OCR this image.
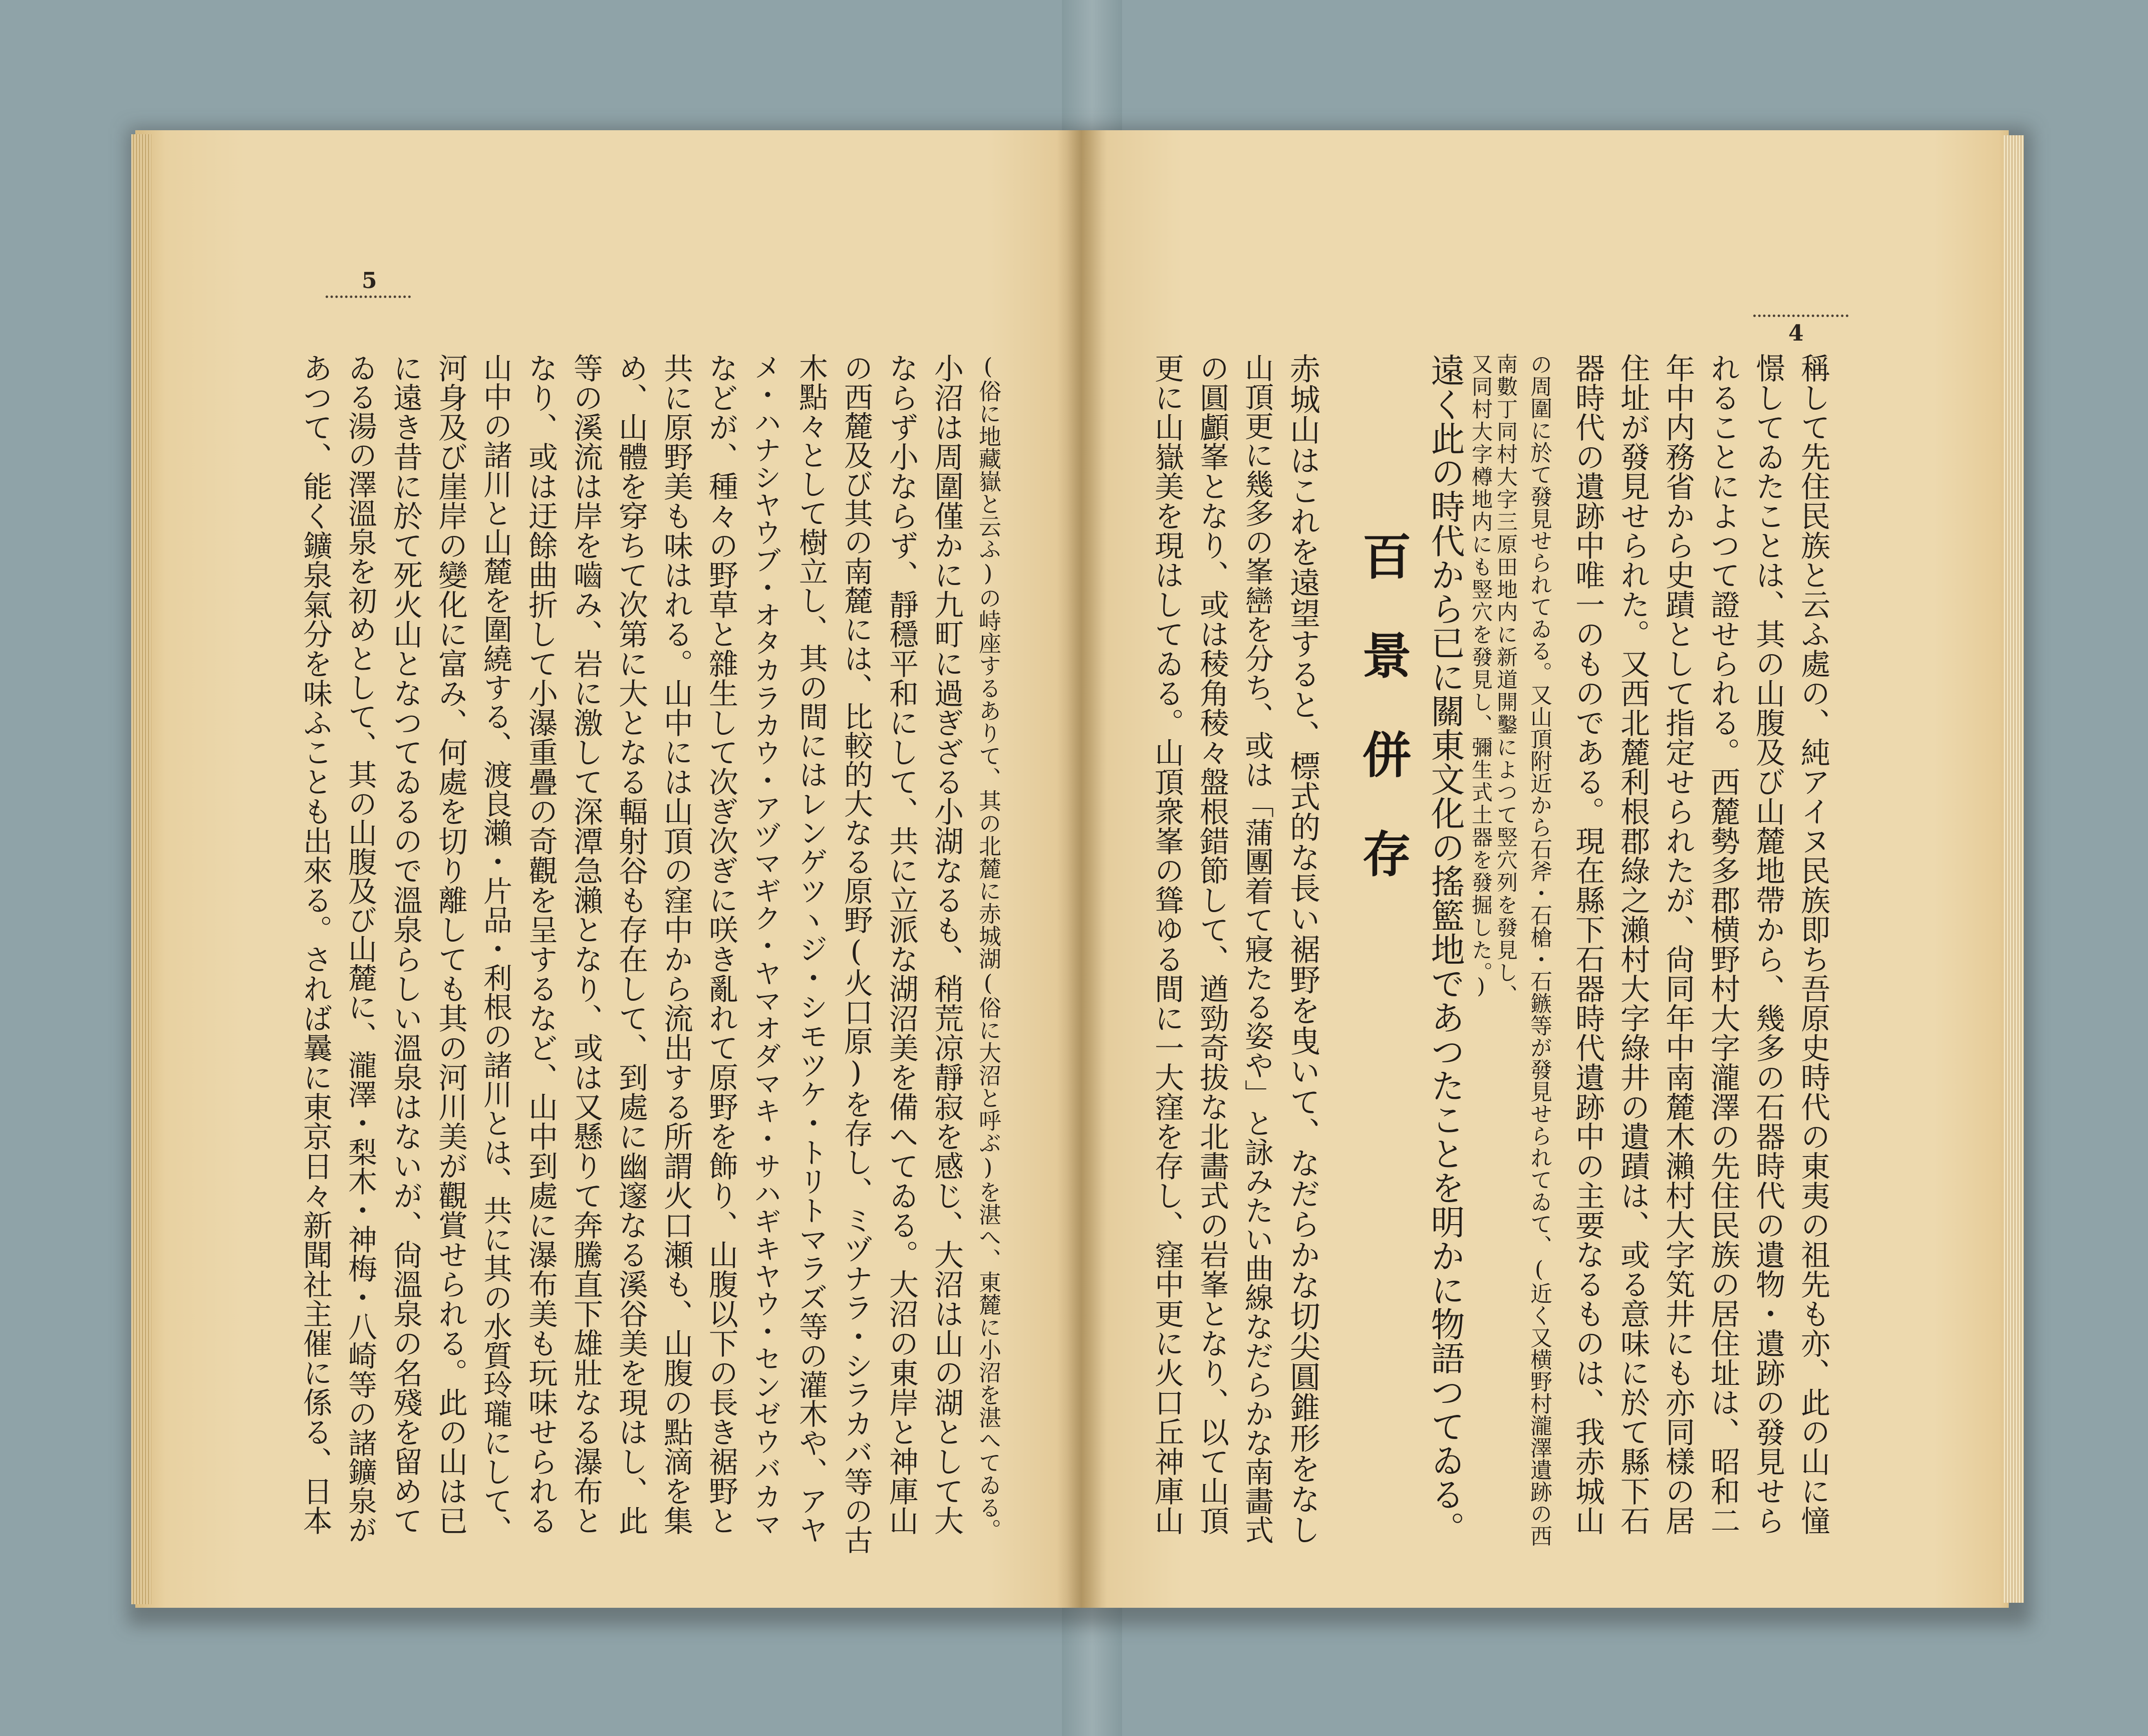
5
(俗に地藏嶽と云ふ)の峙座するありて、其の北麓に赤城湖(俗に大沼と呼ぶ)を湛へ、東麓に小沼を湛へてゐる。
小沼は周圍僅かに九町に過ぎざる小湖なるも、稍荒凉靜寂を感じ、大沼は山の湖として大
ならず小ならず、靜穩平和にして、共に立派な湖沼美を備へてゐる。大沼の東岸と神庫山
の西麓及び其の南麓には、比較的大なる原野(火口原)を存し、ミヅナラ・シラカバ等の古
木點々として樹立し、其の間にはレンゲツヽジ・シモツケ・トリトマラズ等の灌木や、アヤ
メ・ハナシヤウブ・オタカラカウ・アヅマギク・ヤマオダマキ・サハギキヤウ・センゼウバカマ
などが、種々の野草と雜生して次ぎ次ぎに咲き亂れて原野を飾り、山腹以下の長き裾野と
共に原野美も味はれる。山中には山頂の窪中から流出する所謂火口瀬も、山腹の點滴を集
め、山體を穿ちて次第に大となる輻射谷も存在して、到處に幽邃なる溪谷美を現はし、此
等の溪流は岸を嚙み、岩に激して深潭急瀨となり、或は又懸りて奔騰直下雄壯なる瀑布と
なり、或は迂餘曲折して小瀑重疊の奇觀を呈するなど、山中到處に瀑布美も玩味せられる
山中の諸川と山麓を圍繞する、渡良瀨・片品・利根の諸川とは、共に其の水質玲瓏にして、
河身及び崖岸の變化に富み、何處を切り離しても其の河川美が觀賞せられる。此の山は已
に遠き昔に於て死火山となつてゐるので溫泉らしい溫泉はないが、尙溫泉の名殘を留めて
ゐる湯の澤溫泉を初めとして、其の山腹及び山麓に、瀧澤・梨木・神梅・八崎等の諸鑛泉が
あつて、能く鑛泉氣分を味ふことも出來る。されば曩に東京日々新聞社主催に係る、日本
4
稱して先住民族と云ふ處の、純アイヌ民族即ち吾原史時代の東夷の祖先も亦、此の山に憧
憬してゐたことは、其の山腹及び山麓地帶から、幾多の石器時代の遺物・遺跡の發見せら
れることによつて證せられる。西麓勢多郡横野村大字瀧澤の先住民族の居住址は、昭和二
年中内務省から史蹟として指定せられたが、尙同年中南麓木瀨村大字笂井にも亦同樣の居
住址が發見せられた。又西北麓利根郡綠之瀨村大字綠井の遺蹟は、或る意味に於て縣下石
器時代の遺跡中唯一のものである。現在縣下石器時代遺跡中の主要なるものは、我赤城山
の周圍に於て發見せられてゐる。又山頂附近から石斧・石槍・石鏃等が發見せられてゐて、(近く又横野村瀧澤遺跡の西
南數丁同村大字三原田地内に新道開鑿によつて竪穴列を發見し、
又同村大字樽地内にも竪穴を發見し、彌生式土器を發掘した。)
遠く此の時代から已に關東文化の搖籃地であつたことを明かに物語つてゐる。
百景併存
赤城山はこれを遠望すると、標式的な長い裾野を曳いて、なだらかな切尖圓錐形をなし
山頂更に幾多の峯巒を分ち、或は「蒲團着て寢たる姿や」と詠みたい曲線なだらかな南畵式
の圓顱峯となり、或は稜角稜々盤根錯節して、遒勁奇拔な北畵式の岩峯となり、以て山頂
更に山嶽美を現はしてゐる。山頂衆峯の聳ゆる間に一大窪を存し、窪中更に火口丘神庫山
